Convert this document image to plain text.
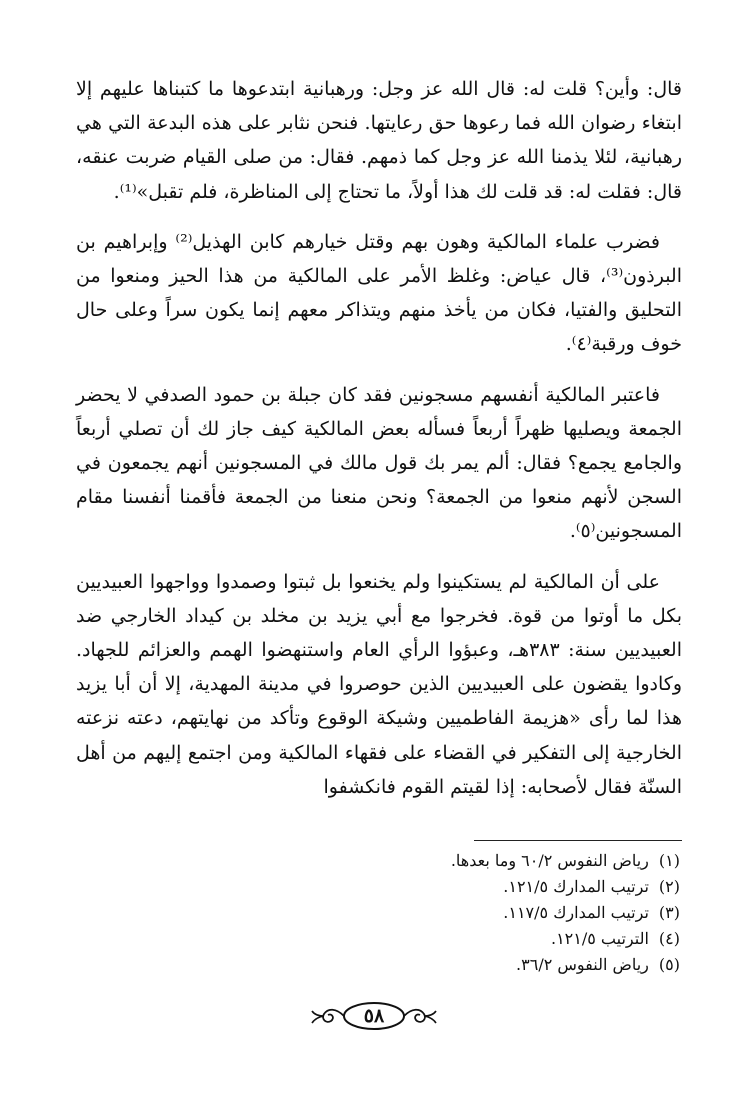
قال: وأين؟ قلت له: قال الله عز وجل: ورهبانية ابتدعوها ما كتبناها عليهم إلا ابتغاء رضوان الله فما رعوها حق رعايتها. فنحن نثابر على هذه البدعة التي هي رهبانية، لئلا يذمنا الله عز وجل كما ذمهم. فقال: من صلى القيام ضربت عنقه، قال: فقلت له: قد قلت لك هذا أولاً، ما تحتاج إلى المناظرة، فلم تقبل»⁽¹⁾.

فضرب علماء المالكية وهون بهم وقتل خيارهم كابن الهذيل⁽²⁾ وإبراهيم بن البرذون⁽³⁾، قال عياض: وغلظ الأمر على المالكية من هذا الحيز ومنعوا من التحليق والفتيا، فكان من يأخذ منهم ويتذاكر معهم إنما يكون سراً وعلى حال خوف ورقبة⁽٤⁾.

فاعتبر المالكية أنفسهم مسجونين فقد كان جبلة بن حمود الصدفي لا يحضر الجمعة ويصليها ظهراً أربعاً فسأله بعض المالكية كيف جاز لك أن تصلي أربعاً والجامع يجمع؟ فقال: ألم يمر بك قول مالك في المسجونين أنهم يجمعون في السجن لأنهم منعوا من الجمعة؟ ونحن منعنا من الجمعة فأقمنا أنفسنا مقام المسجونين⁽٥⁾.

على أن المالكية لم يستكينوا ولم يخنعوا بل ثبتوا وصمدوا وواجهوا العبيديين بكل ما أوتوا من قوة. فخرجوا مع أبي يزيد بن مخلد بن كيداد الخارجي ضد العبيديين سنة: ٣٨٣هـ، وعبؤوا الرأي العام واستنهضوا الهمم والعزائم للجهاد. وكادوا يقضون على العبيديين الذين حوصروا في مدينة المهدية، إلا أن أبا يزيد هذا لما رأى «هزيمة الفاطميين وشيكة الوقوع وتأكد من نهايتهم، دعته نزعته الخارجية إلى التفكير في القضاء على فقهاء المالكية ومن اجتمع إليهم من أهل السنّة فقال لأصحابه: إذا لقيتم القوم فانكشفوا

(١)
رياض النفوس ٦٠/٢ وما بعدها.
(٢)
ترتيب المدارك ١٢١/٥.
(٣)
ترتيب المدارك ١١٧/٥.
(٤)
الترتيب ١٢١/٥.
(٥)
رياض النفوس ٣٦/٢.
٥٨
